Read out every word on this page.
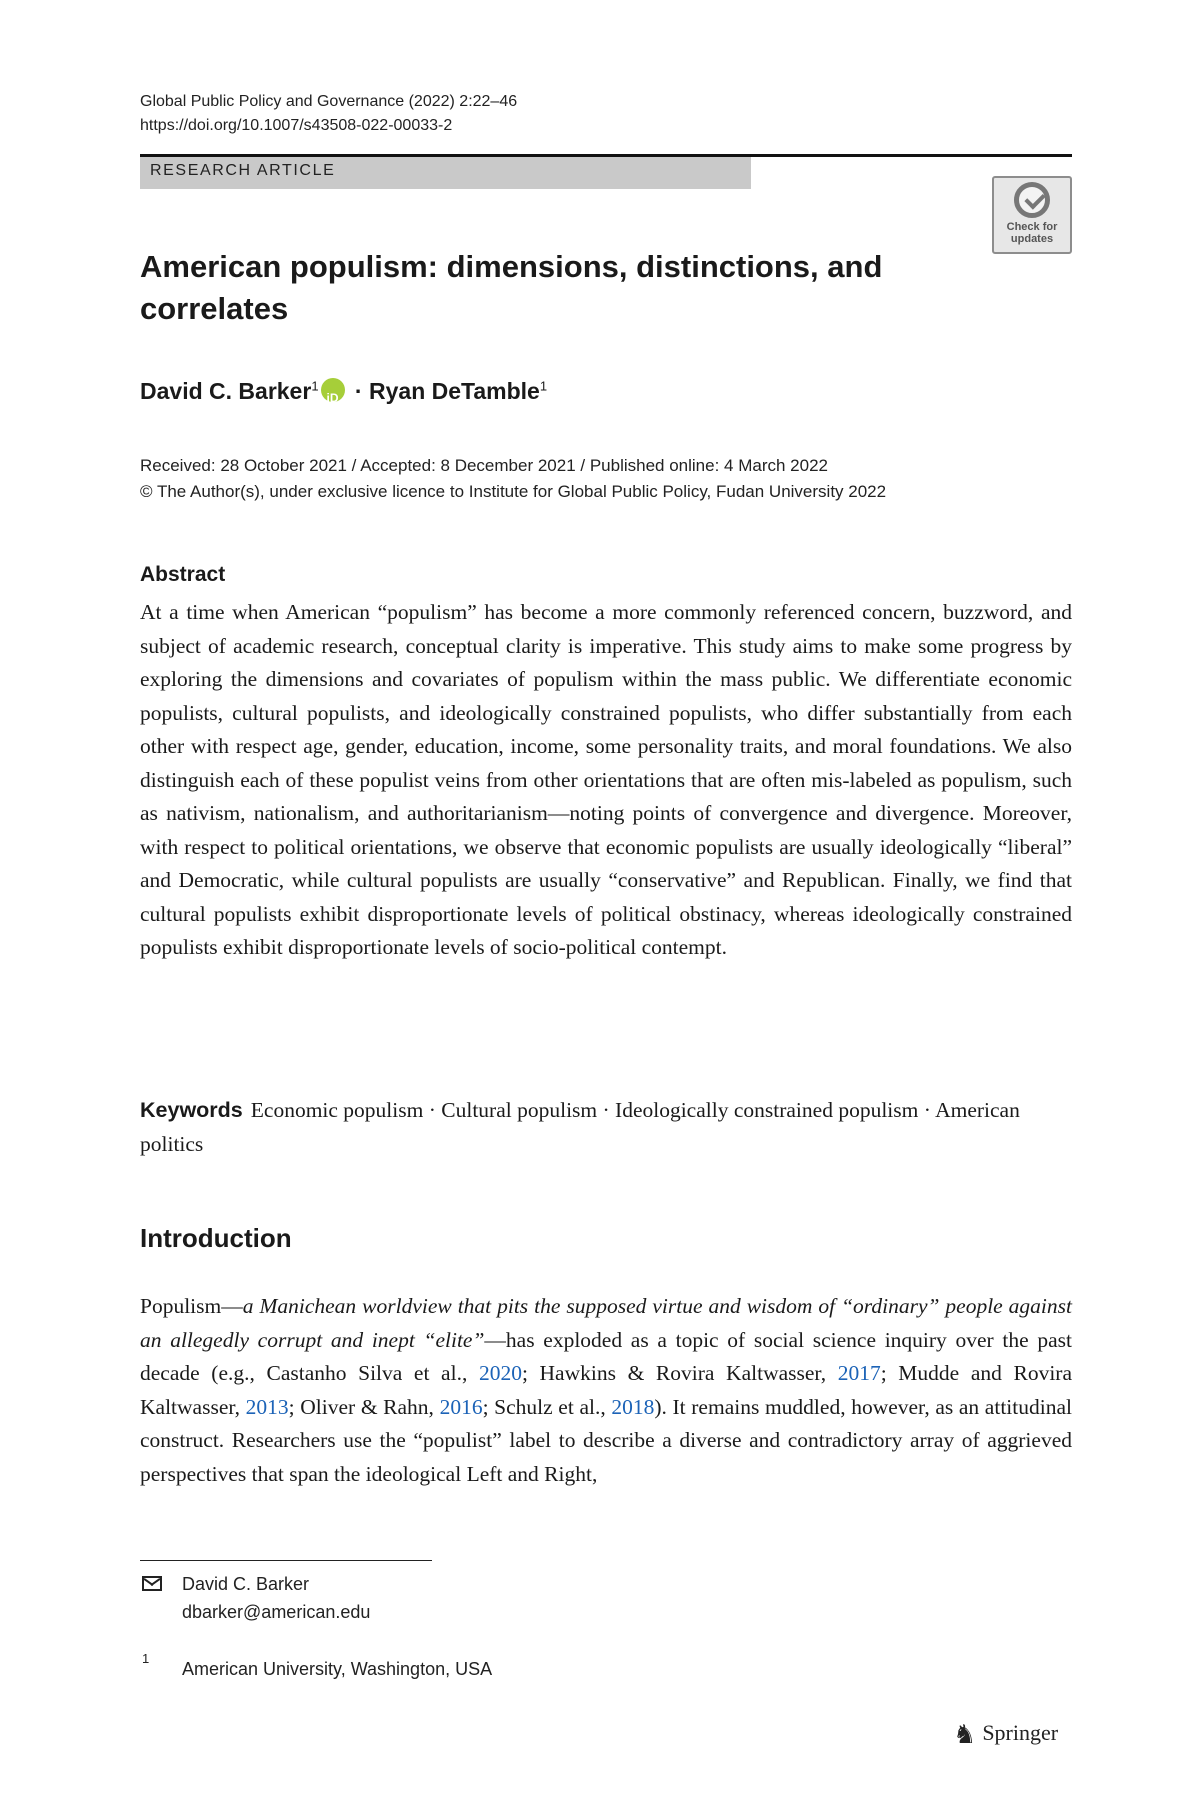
Global Public Policy and Governance (2022) 2:22–46
https://doi.org/10.1007/s43508-022-00033-2
RESEARCH ARTICLE
Check for updates
American populism: dimensions, distinctions, and correlates
David C. Barker$^1$iD · Ryan DeTamble$^1$
Received: 28 October 2021 / Accepted: 8 December 2021 / Published online: 4 March 2022
© The Author(s), under exclusive licence to Institute for Global Public Policy, Fudan University 2022
Abstract
At a time when American “populism” has become a more commonly referenced concern, buzzword, and subject of academic research, conceptual clarity is imperative. This study aims to make some progress by exploring the dimensions and covariates of populism within the mass public. We differentiate economic populists, cultural populists, and ideologically constrained populists, who differ substantially from each other with respect age, gender, education, income, some personality traits, and moral foundations. We also distinguish each of these populist veins from other orientations that are often mis-labeled as populism, such as nativism, nationalism, and authoritarianism—noting points of convergence and divergence. Moreover, with respect to political orientations, we observe that economic populists are usually ideologically “liberal” and Democratic, while cultural populists are usually “conservative” and Republican. Finally, we find that cultural populists exhibit disproportionate levels of political obstinacy, whereas ideologically constrained populists exhibit disproportionate levels of socio-political contempt.
Keywords Economic populism · Cultural populism · Ideologically constrained populism · American politics
Introduction
Populism—a Manichean worldview that pits the supposed virtue and wisdom of “ordinary” people against an allegedly corrupt and inept “elite”—has exploded as a topic of social science inquiry over the past decade (e.g., Castanho Silva et al., 2020; Hawkins & Rovira Kaltwasser, 2017; Mudde and Rovira Kaltwasser, 2013; Oliver & Rahn, 2016; Schulz et al., 2018). It remains muddled, however, as an attitudinal construct. Researchers use the “populist” label to describe a diverse and contradictory array of aggrieved perspectives that span the ideological Left and Right,
David C. Barker
dbarker@american.edu
1
American University, Washington, USA
♞ Springer
